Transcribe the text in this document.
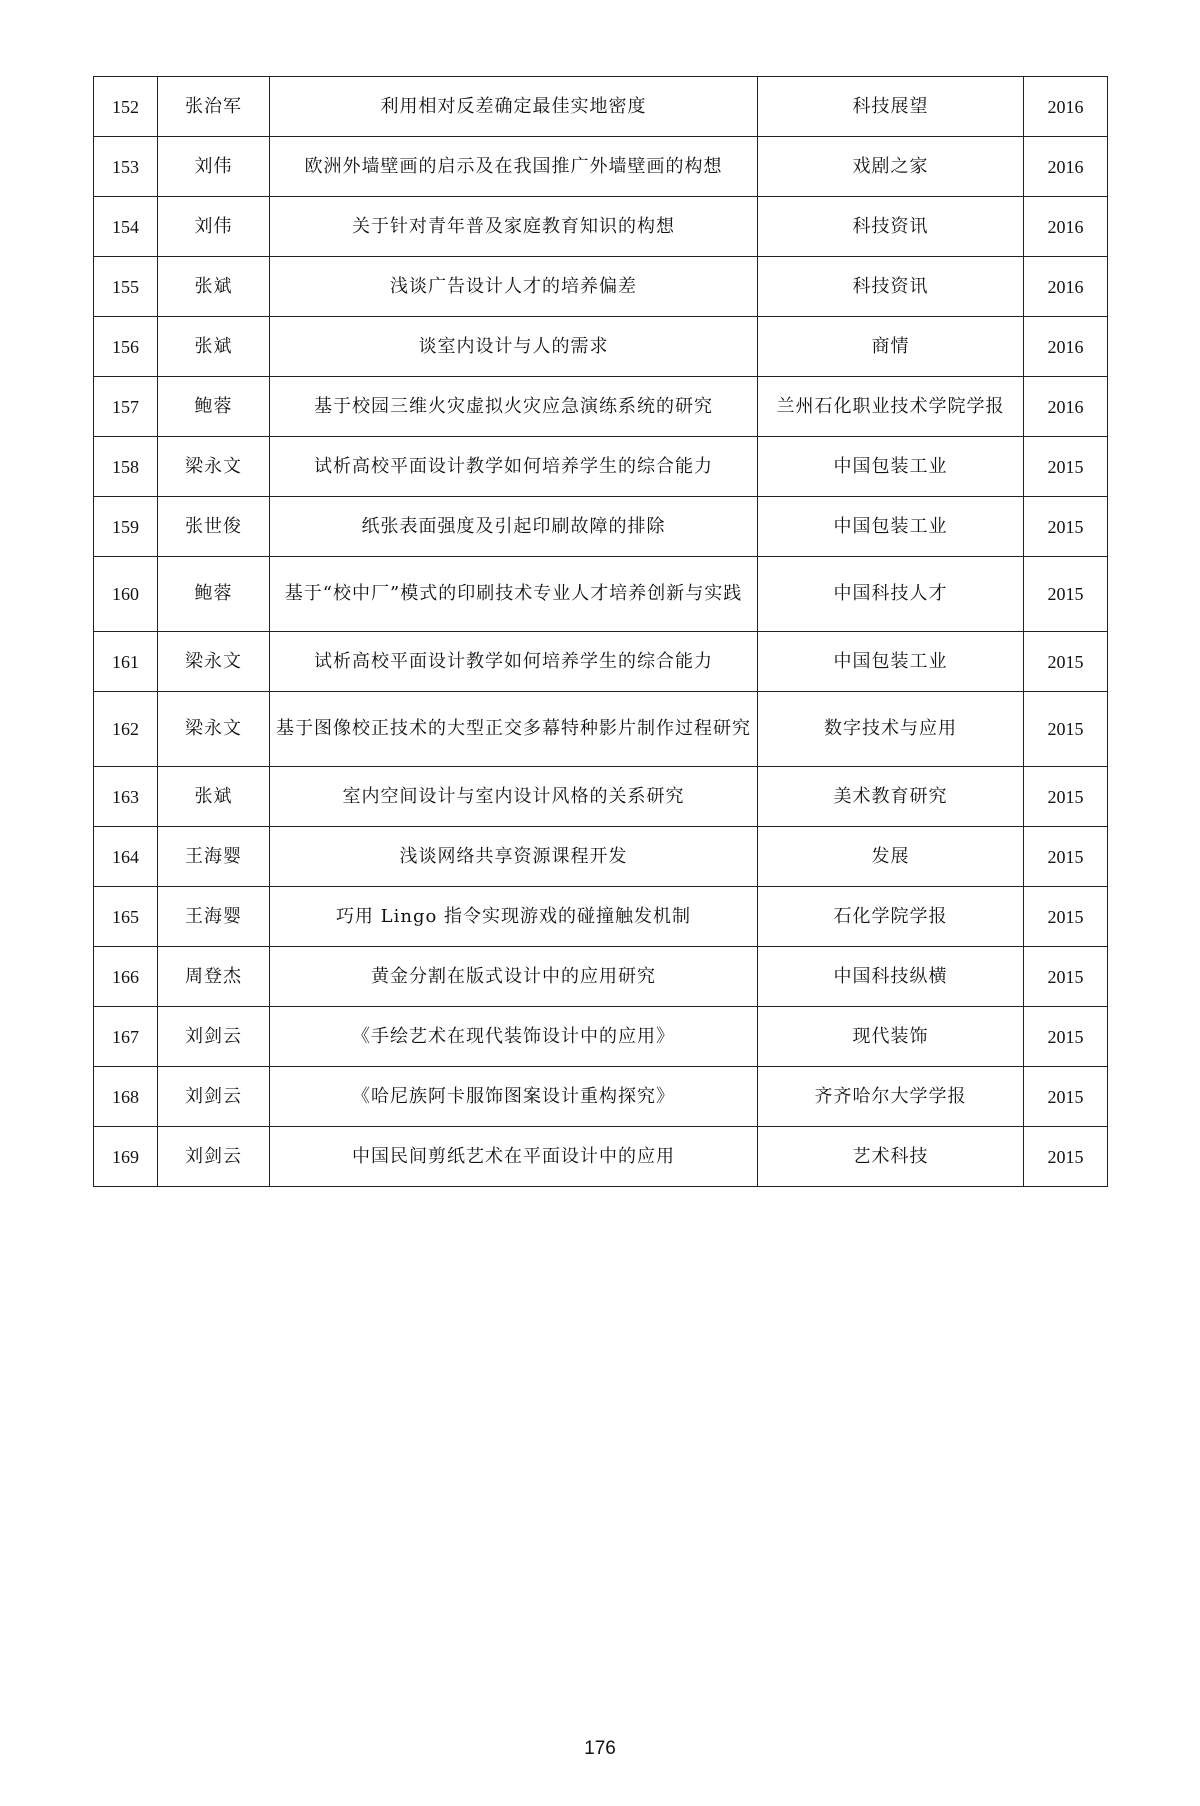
152	张治军	利用相对反差确定最佳实地密度	科技展望	2016
153	刘伟	欧洲外墙壁画的启示及在我国推广外墙壁画的构想	戏剧之家	2016
154	刘伟	关于针对青年普及家庭教育知识的构想	科技资讯	2016
155	张斌	浅谈广告设计人才的培养偏差	科技资讯	2016
156	张斌	谈室内设计与人的需求	商情	2016
157	鲍蓉	基于校园三维火灾虚拟火灾应急演练系统的研究	兰州石化职业技术学院学报	2016
158	梁永文	试析高校平面设计教学如何培养学生的综合能力	中国包装工业	2015
159	张世俊	纸张表面强度及引起印刷故障的排除	中国包装工业	2015
160	鲍蓉	基于“校中厂”模式的印刷技术专业人才培养创新与实践	中国科技人才	2015
161	梁永文	试析高校平面设计教学如何培养学生的综合能力	中国包装工业	2015
162	梁永文	基于图像校正技术的大型正交多幕特种影片制作过程研究	数字技术与应用	2015
163	张斌	室内空间设计与室内设计风格的关系研究	美术教育研究	2015
164	王海婴	浅谈网络共享资源课程开发	发展	2015
165	王海婴	巧用 Lingo 指令实现游戏的碰撞触发机制	石化学院学报	2015
166	周登杰	黄金分割在版式设计中的应用研究	中国科技纵横	2015
167	刘剑云	《手绘艺术在现代装饰设计中的应用》	现代装饰	2015
168	刘剑云	《哈尼族阿卡服饰图案设计重构探究》	齐齐哈尔大学学报	2015
169	刘剑云	中国民间剪纸艺术在平面设计中的应用	艺术科技	2015
176
